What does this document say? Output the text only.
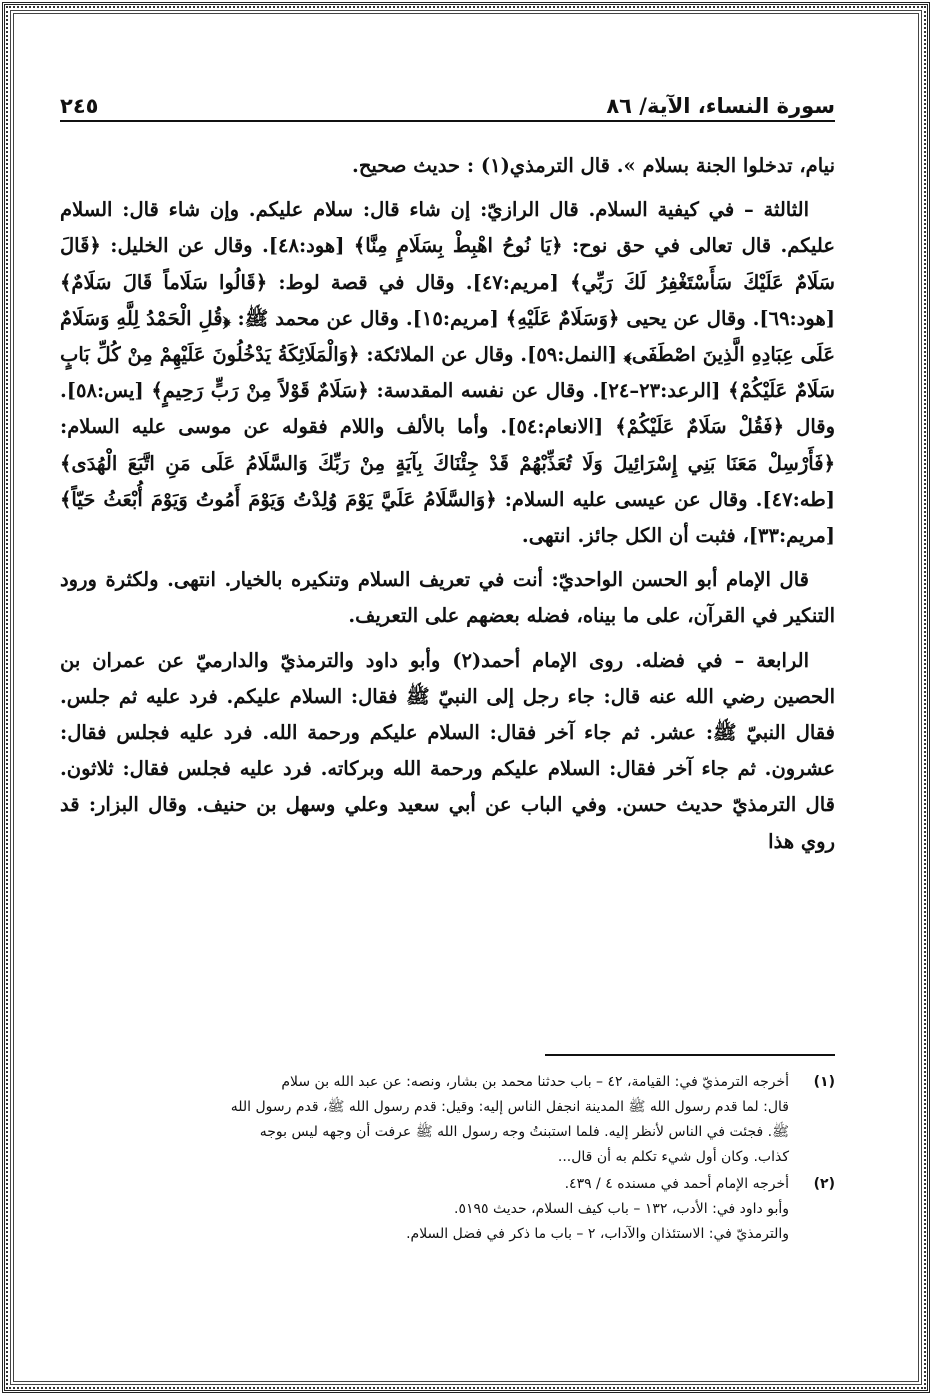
سورة النساء، الآية/ ٨٦
٢٤٥

نيام، تدخلوا الجنة بسلام ». قال الترمذي(١) : حديث صحيح.

الثالثة – في كيفية السلام. قال الرازيّ: إن شاء قال: سلام عليكم. وإن شاء قال: السلام عليكم. قال تعالى في حق نوح: ﴿يَا نُوحُ اهْبِطْ بِسَلَامٍ مِنَّا﴾ [هود:٤٨]. وقال عن الخليل: ﴿قَالَ سَلَامٌ عَلَيْكَ سَأَسْتَغْفِرُ لَكَ رَبِّي﴾ [مريم:٤٧]. وقال في قصة لوط: ﴿قَالُوا سَلَاماً قَالَ سَلَامٌ﴾ [هود:٦٩]. وقال عن يحيى ﴿وَسَلَامٌ عَلَيْهِ﴾ [مريم:١٥]. وقال عن محمد ﷺ: ﴿قُلِ الْحَمْدُ لِلَّهِ وَسَلَامٌ عَلَى عِبَادِهِ الَّذِينَ اصْطَفَى﴾ [النمل:٥٩]. وقال عن الملائكة: ﴿وَالْمَلَائِكَةُ يَدْخُلُونَ عَلَيْهِمْ مِنْ كُلِّ بَابٍ سَلَامٌ عَلَيْكُمْ﴾ [الرعد:٢٣–٢٤]. وقال عن نفسه المقدسة: ﴿سَلَامٌ قَوْلاً مِنْ رَبٍّ رَحِيمٍ﴾ [يس:٥٨]. وقال ﴿فَقُلْ سَلَامٌ عَلَيْكُمْ﴾ [الانعام:٥٤]. وأما بالألف واللام فقوله عن موسى عليه السلام: ﴿فَأَرْسِلْ مَعَنَا بَنِي إِسْرَائِيلَ وَلَا تُعَذِّبْهُمْ قَدْ جِئْنَاكَ بِآيَةٍ مِنْ رَبِّكَ وَالسَّلَامُ عَلَى مَنِ اتَّبَعَ الْهُدَى﴾ [طه:٤٧]. وقال عن عيسى عليه السلام: ﴿وَالسَّلَامُ عَلَيَّ يَوْمَ وُلِدْتُ وَيَوْمَ أَمُوتُ وَيَوْمَ أُبْعَثُ حَيّاً﴾ [مريم:٣٣]، فثبت أن الكل جائز. انتهى.

قال الإمام أبو الحسن الواحديّ: أنت في تعريف السلام وتنكيره بالخيار. انتهى. ولكثرة ورود التنكير في القرآن، على ما بيناه، فضله بعضهم على التعريف.

الرابعة – في فضله. روى الإمام أحمد(٢) وأبو داود والترمذيّ والدارميّ عن عمران بن الحصين رضي الله عنه قال: جاء رجل إلى النبيّ ﷺ فقال: السلام عليكم. فرد عليه ثم جلس. فقال النبيّ ﷺ: عشر. ثم جاء آخر فقال: السلام عليكم ورحمة الله. فرد عليه فجلس فقال: عشرون. ثم جاء آخر فقال: السلام عليكم ورحمة الله وبركاته. فرد عليه فجلس فقال: ثلاثون. قال الترمذيّ حديث حسن. وفي الباب عن أبي سعيد وعلي وسهل بن حنيف. وقال البزار: قد روي هذا

(١)
أخرجه الترمذيّ في: القيامة، ٤٢ – باب حدثنا محمد بن بشار، ونصه: عن عبد الله بن سلام
قال: لما قدم رسول الله ﷺ المدينة انجفل الناس إليه: وقيل: قدم رسول الله ﷺ، قدم رسول الله
ﷺ. فجئت في الناس لأنظر إليه. فلما استبنتُ وجه رسول الله ﷺ عرفت أن وجهه ليس بوجه
كذاب. وكان أول شيء تكلم به أن قال...
(٢)
أخرجه الإمام أحمد في مسنده ٤ / ٤٣٩.
وأبو داود في: الأدب، ١٣٢ – باب كيف السلام، حديث ٥١٩٥.
والترمذيّ في: الاستئذان والآداب، ٢ – باب ما ذكر في فضل السلام.
